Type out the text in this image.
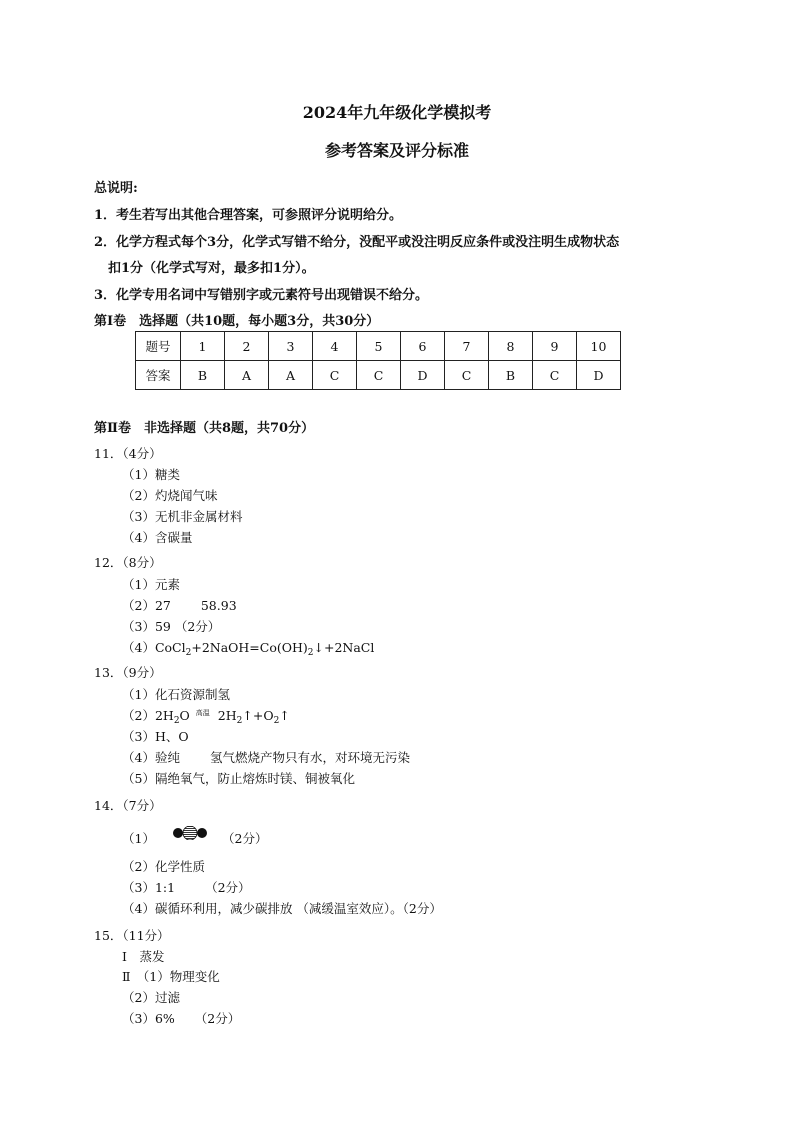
2024年九年级化学模拟考
参考答案及评分标准
总说明:
1．考生若写出其他合理答案，可参照评分说明给分。
2．化学方程式每个3分，化学式写错不给分，没配平或没注明反应条件或没注明生成物状态
扣1分（化学式写对，最多扣1分）。
3．化学专用名词中写错别字或元素符号出现错误不给分。
第Ⅰ卷　选择题（共10题，每小题3分，共30分）
题号	1	2	3	4	5	6	7	8	9	10
答案	B	A	A	C	C	D	C	B	C	D
第Ⅱ卷　非选择题（共8题，共70分）
11．（4分）
（1）糖类
（2）灼烧闻气味
（3）无机非金属材料
（4）含碳量
12．（8分）
（1）元素
（2）27 58.93
（3）59 （2分）
$(4)CoCl_2+2NaOH=Co(OH)_2↓+2NaCl$
13．（9分）
（1）化石资源制氢
$(2)2H_2O$ $^{高温}$ $2H_2↑+O_2↑$
（3）H、O
（4）验纯 氢气燃烧产物只有水，对环境无污染
（5）隔绝氧气，防止熔炼时镁、铜被氧化
14．（7分）
（1）	（2分）
（2）化学性质
（3）1:1 （2分）
（4）碳循环利用，减少碳排放 （减缓温室效应）。（2分）
15．（11分）
Ⅰ　蒸发
Ⅱ　（1）物理变化
（2）过滤
（3）6% （2分）
